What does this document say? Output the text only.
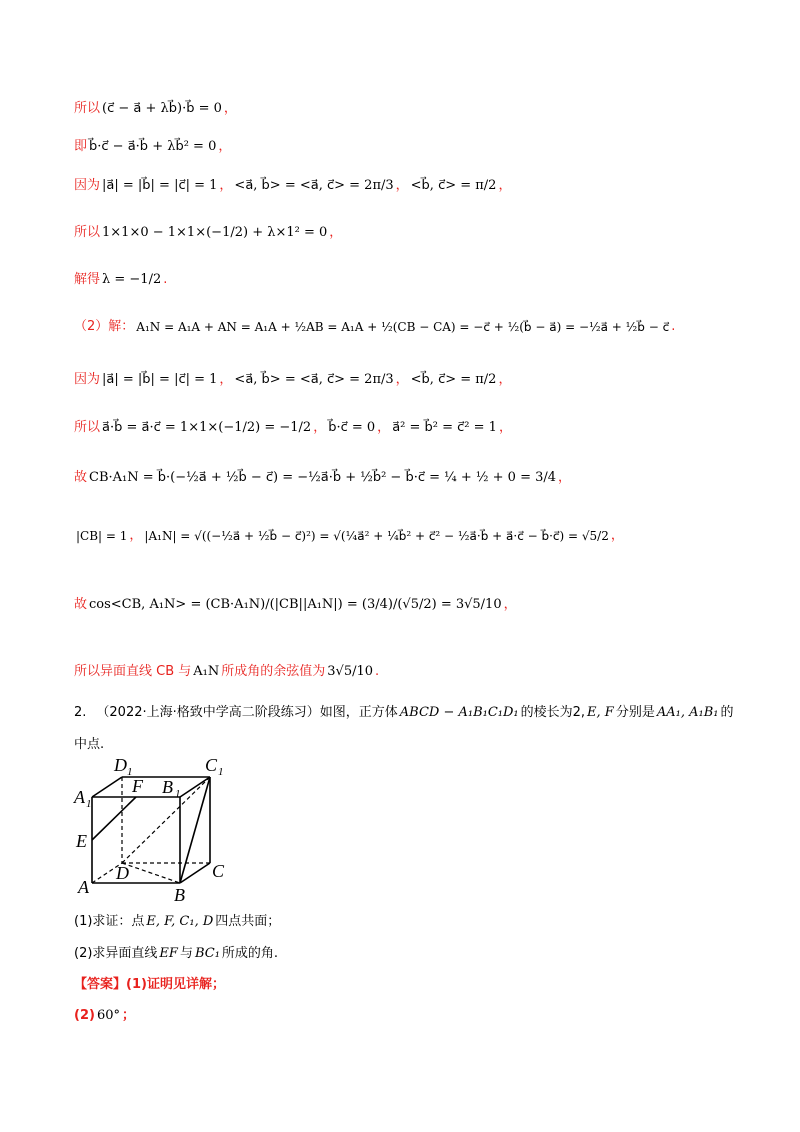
所以 (c⃗ − a⃗ + λb⃗)·b⃗ = 0 ，
即 b⃗·c⃗ − a⃗·b⃗ + λb⃗² = 0 ，
因为 |a⃗| = |b⃗| = |c⃗| = 1 ， <a⃗, b⃗> = <a⃗, c⃗> = 2π/3 ， <b⃗, c⃗> = π/2 ，
所以 1×1×0 − 1×1×(−1/2) + λ×1² = 0 ，
解得 λ = −1/2 .
（2）解： A₁N = A₁A + AN = A₁A + ½AB = A₁A + ½(CB − CA) = −c⃗ + ½(b⃗ − a⃗) = −½a⃗ + ½b⃗ − c⃗ .
因为 |a⃗| = |b⃗| = |c⃗| = 1 ， <a⃗, b⃗> = <a⃗, c⃗> = 2π/3 ， <b⃗, c⃗> = π/2 ，
所以 a⃗·b⃗ = a⃗·c⃗ = 1×1×(−1/2) = −1/2 ， b⃗·c⃗ = 0 ， a⃗² = b⃗² = c⃗² = 1 ，
故 CB·A₁N = b⃗·(−½a⃗ + ½b⃗ − c⃗) = −½a⃗·b⃗ + ½b⃗² − b⃗·c⃗ = ¼ + ½ + 0 = 3/4 ，
|CB| = 1 ， |A₁N| = √((−½a⃗ + ½b⃗ − c⃗)²) = √(¼a⃗² + ¼b⃗² + c⃗² − ½a⃗·b⃗ + a⃗·c⃗ − b⃗·c⃗) = √5/2 ，
故 cos<CB, A₁N> = (CB·A₁N)/(|CB||A₁N|) = (3/4)/(√5/2) = 3√5/10 ，
所以异面直线 CB 与 A₁N 所成角的余弦值为 3√5/10 .
2. （2022·上海·格致中学高二阶段练习）如图，正方体 ABCD − A₁B₁C₁D₁ 的棱长为2, E, F 分别是 AA₁, A₁B₁ 的
中点.
A 1
D 1
F B 1
C 1
E
D
A	B
C
(1)求证：点 E, F, C₁, D 四点共面；
(2)求异面直线 EF 与 BC₁ 所成的角.
【答案】 (1)证明见详解；
(2) 60° ；
